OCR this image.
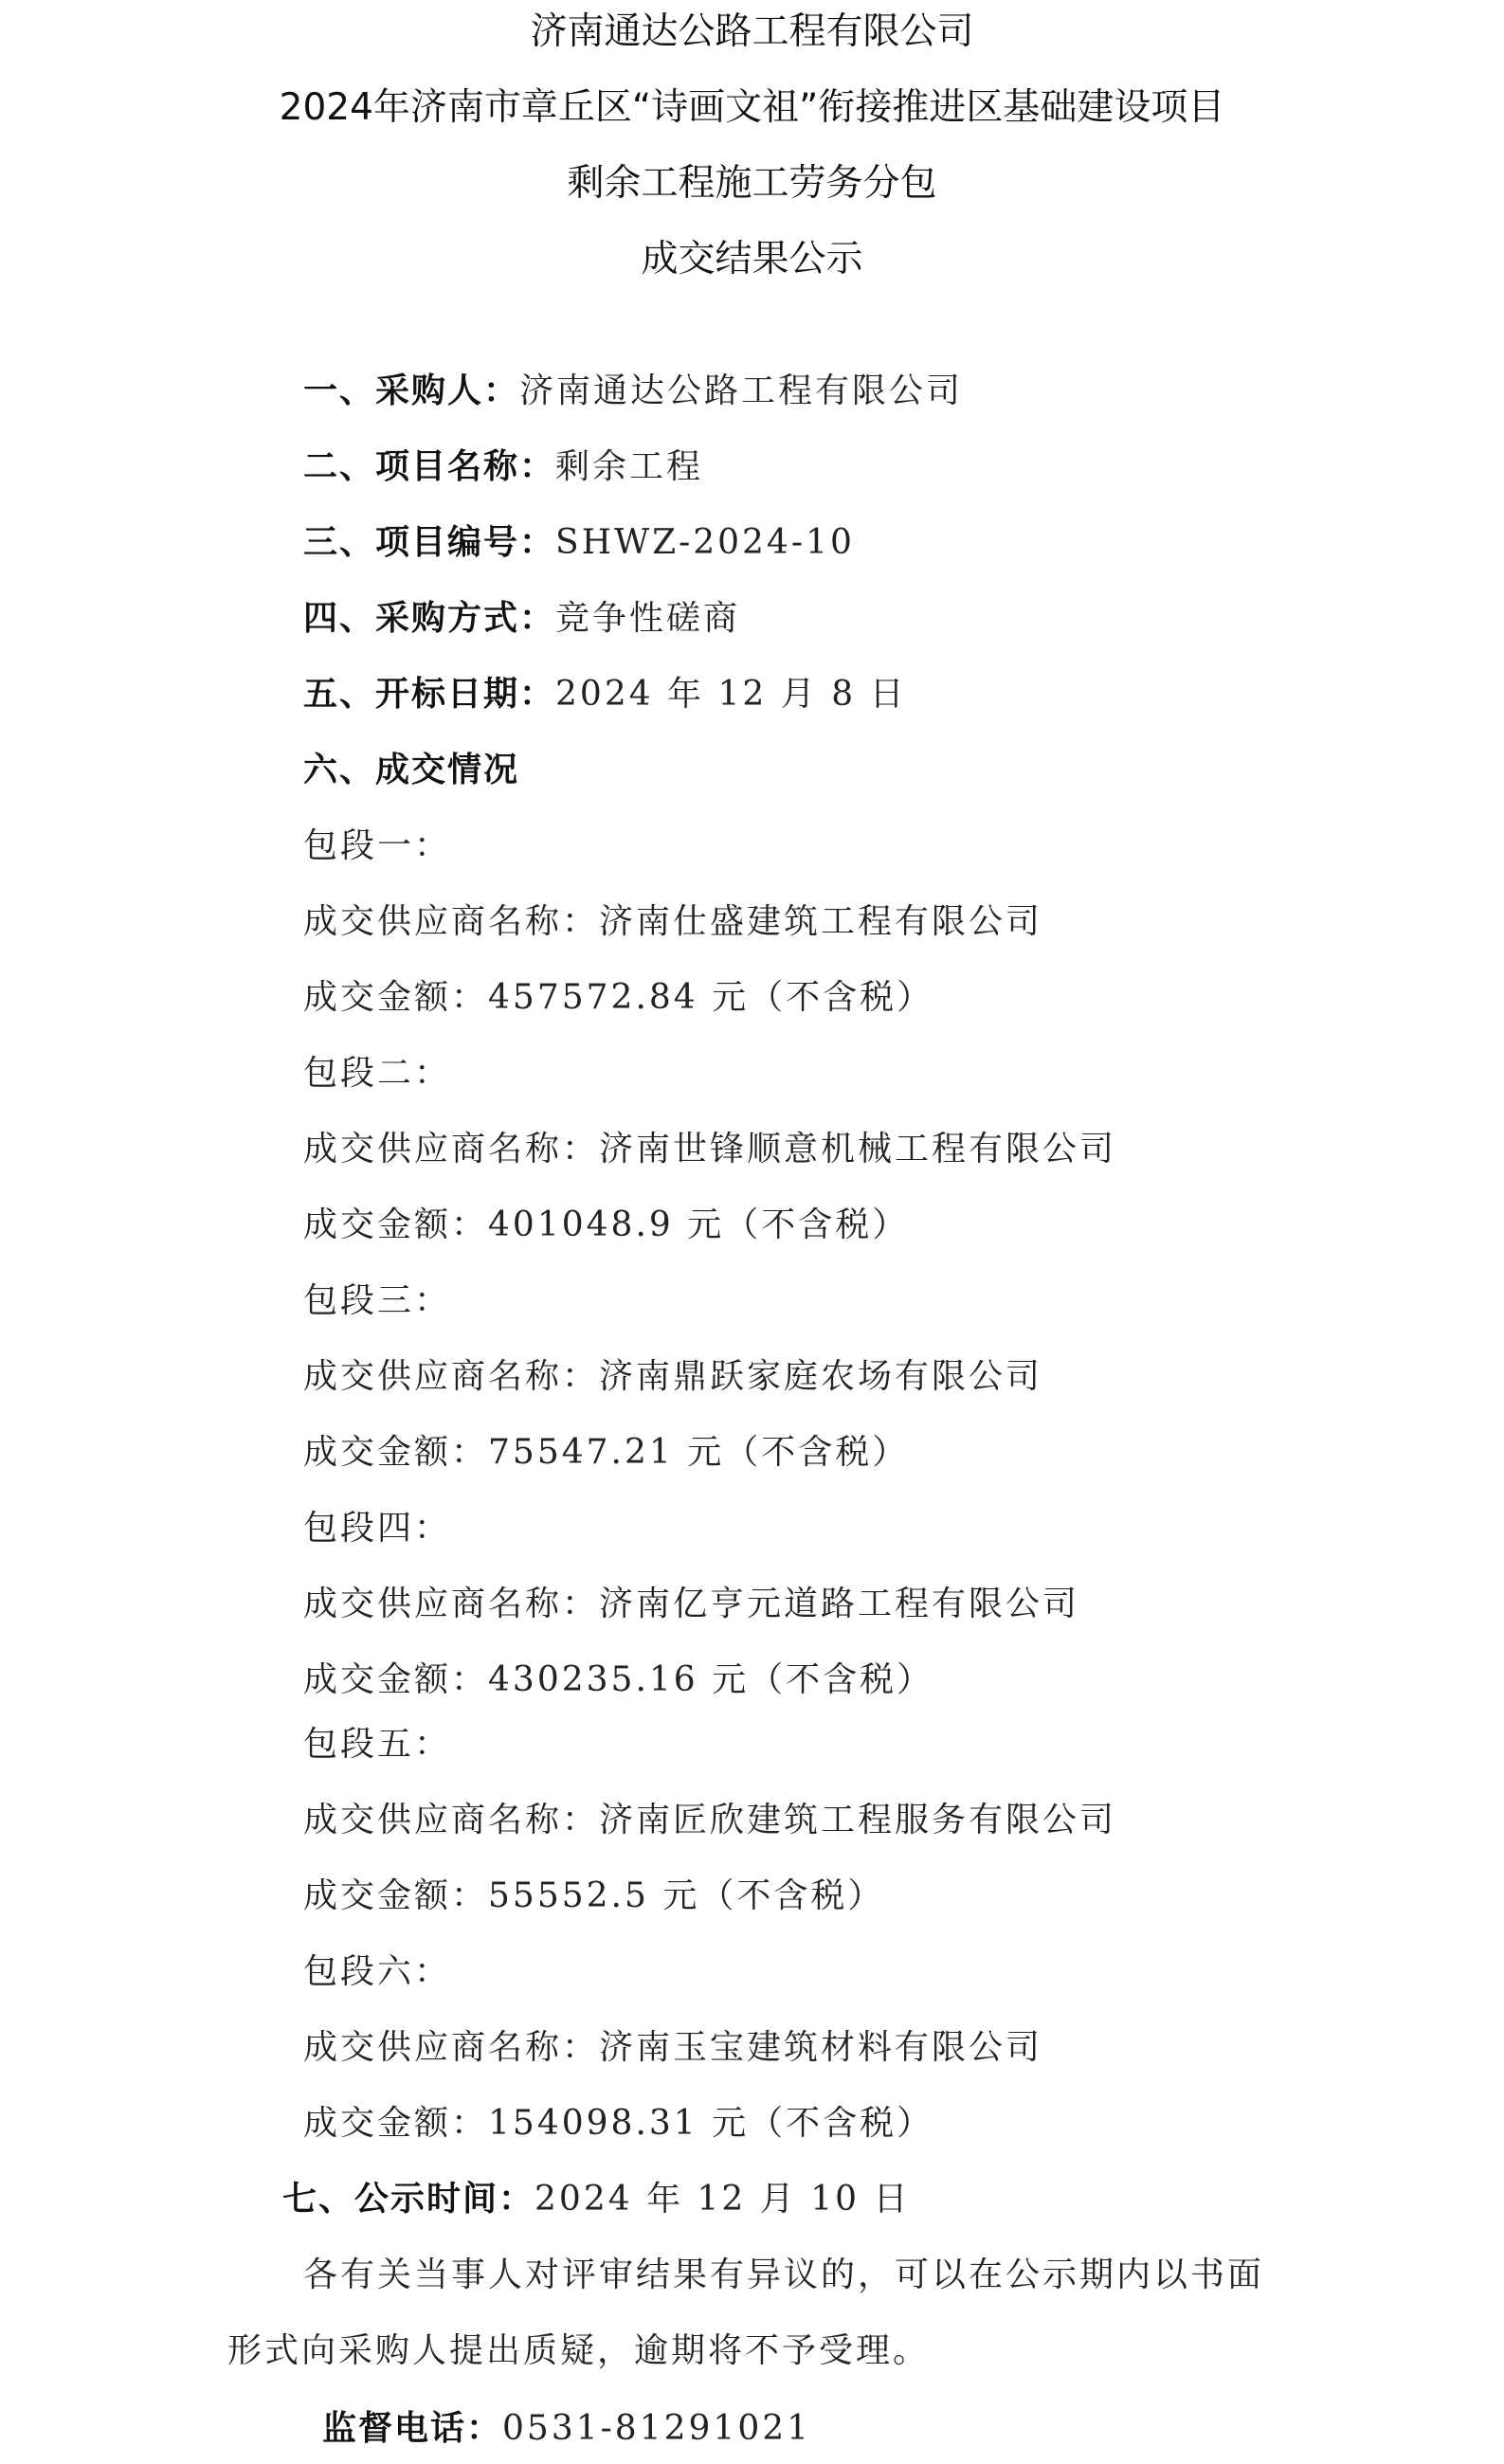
济南通达公路工程有限公司
2024年济南市章丘区“诗画文祖”衔接推进区基础建设项目
剩余工程施工劳务分包
成交结果公示
一、采购人：济南通达公路工程有限公司
二、项目名称：剩余工程
三、项目编号：SHWZ-2024-10
四、采购方式：竞争性磋商
五、开标日期：2024 年 12 月 8 日
六、成交情况
包段一：
成交供应商名称：济南仕盛建筑工程有限公司
成交金额：457572.84 元（不含税）
包段二：
成交供应商名称：济南世锋顺意机械工程有限公司
成交金额：401048.9 元（不含税）
包段三：
成交供应商名称：济南鼎跃家庭农场有限公司
成交金额：75547.21 元（不含税）
包段四：
成交供应商名称：济南亿亨元道路工程有限公司
成交金额：430235.16 元（不含税）
包段五：
成交供应商名称：济南匠欣建筑工程服务有限公司
成交金额：55552.5 元（不含税）
包段六：
成交供应商名称：济南玉宝建筑材料有限公司
成交金额：154098.31 元（不含税）
七、公示时间：2024 年 12 月 10 日
各有关当事人对评审结果有异议的，可以在公示期内以书面
形式向采购人提出质疑，逾期将不予受理。
监督电话：0531-81291021
